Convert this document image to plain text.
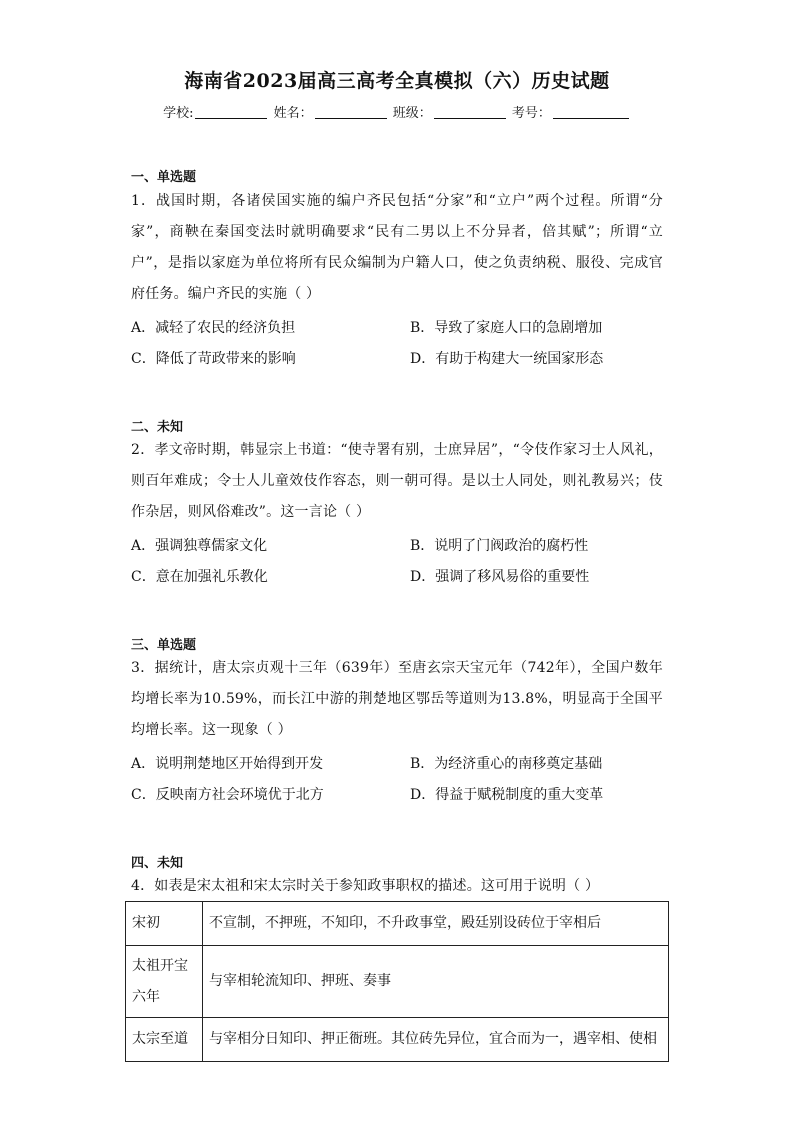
海南省2023届高三高考全真模拟（六）历史试题
学校:	姓名：	班级：	考号：
一、单选题
1．战国时期，各诸侯国实施的编户齐民包括“分家”和“立户”两个过程。所谓“分家”，商鞅在秦国变法时就明确要求“民有二男以上不分异者，倍其赋”；所谓“立户”，是指以家庭为单位将所有民众编制为户籍人口，使之负责纳税、服役、完成官府任务。编户齐民的实施（ ）
A．减轻了农民的经济负担	B．导致了家庭人口的急剧增加
C．降低了苛政带来的影响	D．有助于构建大一统国家形态
二、未知
2．孝文帝时期，韩显宗上书道：“使寺署有别，士庶异居”，“令伎作家习士人风礼，则百年难成；令士人儿童效伎作容态，则一朝可得。是以士人同处，则礼教易兴；伎作杂居，则风俗难改”。这一言论（ ）
A．强调独尊儒家文化	B．说明了门阀政治的腐朽性
C．意在加强礼乐教化	D．强调了移风易俗的重要性
三、单选题
3．据统计，唐太宗贞观十三年（639年）至唐玄宗天宝元年（742年），全国户数年均增长率为10.59%，而长江中游的荆楚地区鄂岳等道则为13.8%，明显高于全国平均增长率。这一现象（ ）
A．说明荆楚地区开始得到开发	B．为经济重心的南移奠定基础
C．反映南方社会环境优于北方	D．得益于赋税制度的重大变革
四、未知
4．如表是宋太祖和宋太宗时关于参知政事职权的描述。这可用于说明（ ）
宋初	不宣制，不押班，不知印，不升政事堂，殿廷别设砖位于宰相后
太祖开宝六年	与宰相轮流知印、押班、奏事
太宗至道	与宰相分日知印、押正衙班。其位砖先异位，宜合而为一，遇宰相、使相
